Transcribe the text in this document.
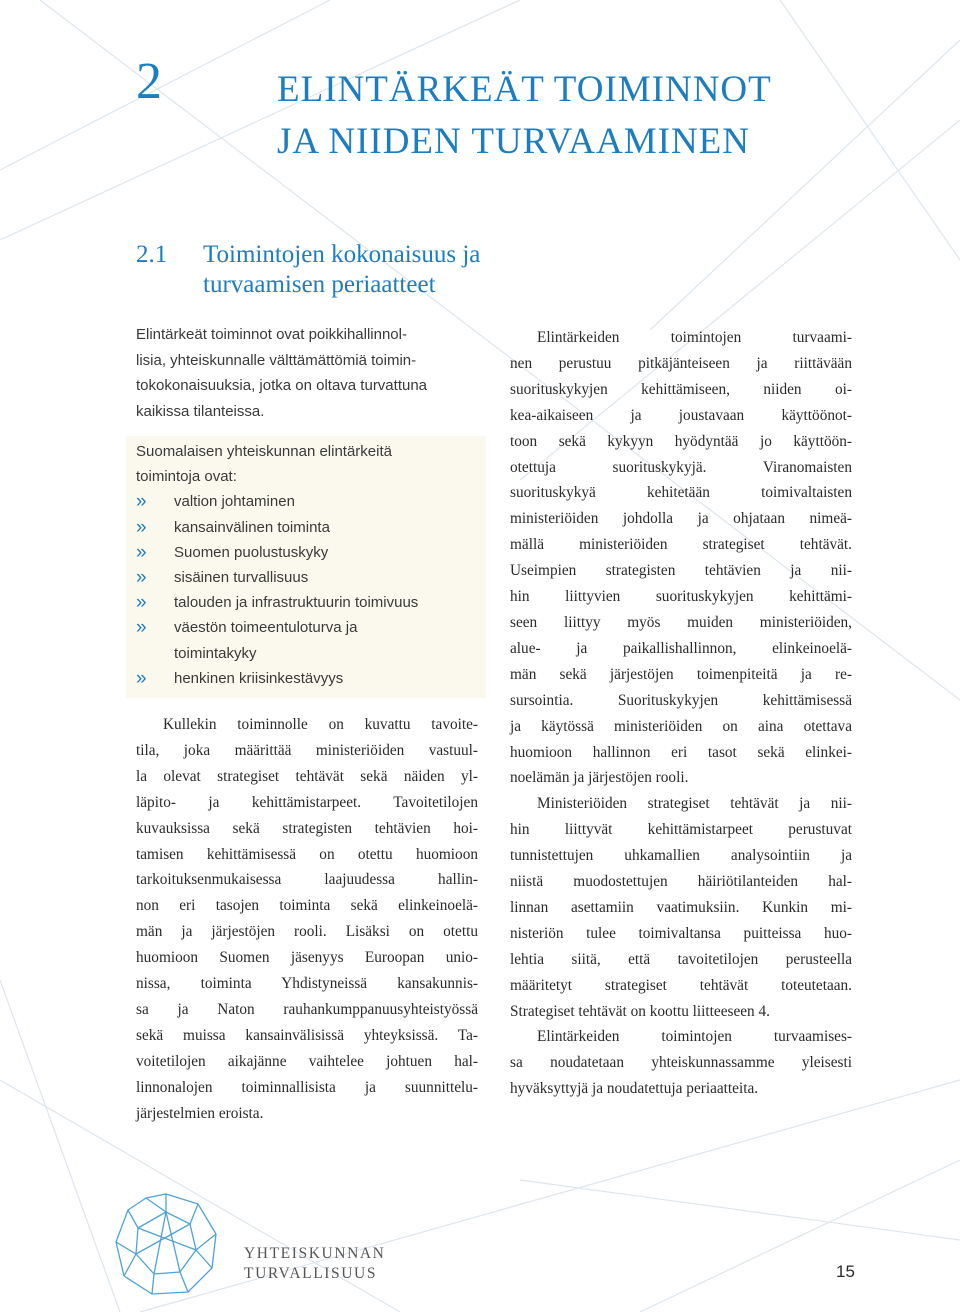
2	ELINTÄRKEÄT TOIMINNOT
JA NIIDEN TURVAAMINEN
2.1 Toimintojen kokonaisuus ja
turvaamisen periaatteet
Elintärkeät toiminnot ovat poikkihallinnol-
lisia, yhteiskunnalle välttämättömiä toimin-
tokokonaisuuksia, jotka on oltava turvattuna
kaikissa tilanteissa.
Suomalaisen yhteiskunnan elintärkeitä
toimintoja ovat:
» valtion johtaminen
» kansainvälinen toiminta
» Suomen puolustuskyky
» sisäinen turvallisuus
» talouden ja infrastruktuurin toimivuus
» väestön toimeentuloturva ja
toimintakyky
» henkinen kriisinkestävyys
Kullekin toiminnolle on kuvattu tavoite-
tila, joka määrittää ministeriöiden vastuul-
la olevat strategiset tehtävät sekä näiden yl-
läpito- ja kehittämistarpeet. Tavoitetilojen
kuvauksissa sekä strategisten tehtävien hoi-
tamisen kehittämisessä on otettu huomioon
tarkoituksenmukaisessa laajuudessa hallin-
non eri tasojen toiminta sekä elinkeinoelä-
män ja järjestöjen rooli. Lisäksi on otettu
huomioon Suomen jäsenyys Euroopan unio-
nissa, toiminta Yhdistyneissä kansakunnis-
sa ja Naton rauhankumppanuusyhteistyössä
sekä muissa kansainvälisissä yhteyksissä. Ta-
voitetilojen aikajänne vaihtelee johtuen hal-
linnonalojen toiminnallisista ja suunnittelu-
järjestelmien eroista.
Elintärkeiden toimintojen turvaami-
nen perustuu pitkäjänteiseen ja riittävään
suorituskykyjen kehittämiseen, niiden oi-
kea-aikaiseen ja joustavaan käyttöönot-
toon sekä kykyyn hyödyntää jo käyttöön-
otettuja suorituskykyjä. Viranomaisten
suorituskykyä kehitetään toimivaltaisten
ministeriöiden johdolla ja ohjataan nimeä-
mällä ministeriöiden strategiset tehtävät.
Useimpien strategisten tehtävien ja nii-
hin liittyvien suorituskykyjen kehittämi-
seen liittyy myös muiden ministeriöiden,
alue- ja paikallishallinnon, elinkeinoelä-
män sekä järjestöjen toimenpiteitä ja re-
sursointia. Suorituskykyjen kehittämisessä
ja käytössä ministeriöiden on aina otettava
huomioon hallinnon eri tasot sekä elinkei-
noelämän ja järjestöjen rooli.
Ministeriöiden strategiset tehtävät ja nii-
hin liittyvät kehittämistarpeet perustuvat
tunnistettujen uhkamallien analysointiin ja
niistä muodostettujen häiriötilanteiden hal-
linnan asettamiin vaatimuksiin. Kunkin mi-
nisteriön tulee toimivaltansa puitteissa huo-
lehtia siitä, että tavoitetilojen perusteella
määritetyt strategiset tehtävät toteutetaan.
Strategiset tehtävät on koottu liitteeseen 4.
Elintärkeiden toimintojen turvaamises-
sa noudatetaan yhteiskunnassamme yleisesti
hyväksyttyjä ja noudatettuja periaatteita.
YHTEISKUNNAN
TURVALLISUUS	15
